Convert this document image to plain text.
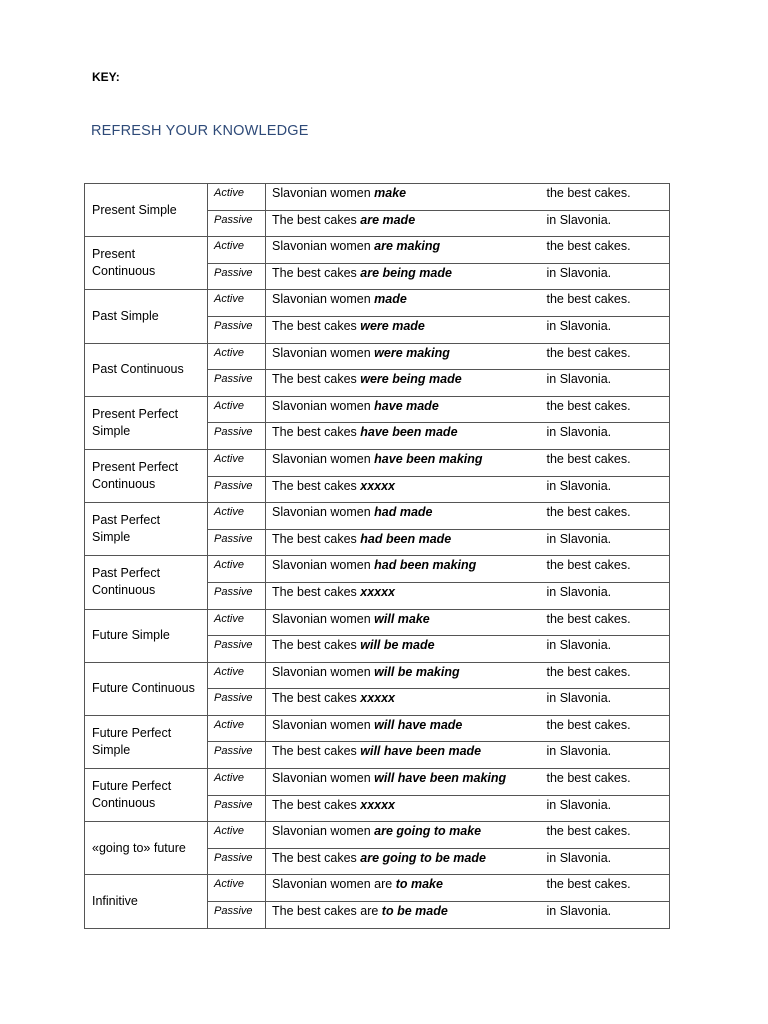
KEY:
REFRESH YOUR KNOWLEDGE
Present Simple	Active	Slavonian women make	the best cakes.
	Passive	The best cakes are made	in Slavonia.
Present Continuous	Active	Slavonian women are making	the best cakes.
	Passive	The best cakes are being made	in Slavonia.
Past Simple	Active	Slavonian women made	the best cakes.
	Passive	The best cakes were made	in Slavonia.
Past Continuous	Active	Slavonian women were making	the best cakes.
	Passive	The best cakes were being made	in Slavonia.
Present Perfect Simple	Active	Slavonian women have made	the best cakes.
	Passive	The best cakes have been made	in Slavonia.
Present Perfect Continuous	Active	Slavonian women have been making	the best cakes.
	Passive	The best cakes xxxxx	in Slavonia.
Past Perfect Simple	Active	Slavonian women had made	the best cakes.
	Passive	The best cakes had been made	in Slavonia.
Past Perfect Continuous	Active	Slavonian women had been making	the best cakes.
	Passive	The best cakes xxxxx	in Slavonia.
Future Simple	Active	Slavonian women will make	the best cakes.
	Passive	The best cakes will be made	in Slavonia.
Future Continuous	Active	Slavonian women will be making	the best cakes.
	Passive	The best cakes xxxxx	in Slavonia.
Future Perfect Simple	Active	Slavonian women will have made	the best cakes.
	Passive	The best cakes will have been made	in Slavonia.
Future Perfect Continuous	Active	Slavonian women will have been making	the best cakes.
	Passive	The best cakes xxxxx	in Slavonia.
«going to» future	Active	Slavonian women are going to make	the best cakes.
	Passive	The best cakes are going to be made	in Slavonia.
Infinitive	Active	Slavonian women are to make	the best cakes.
	Passive	The best cakes are to be made	in Slavonia.
